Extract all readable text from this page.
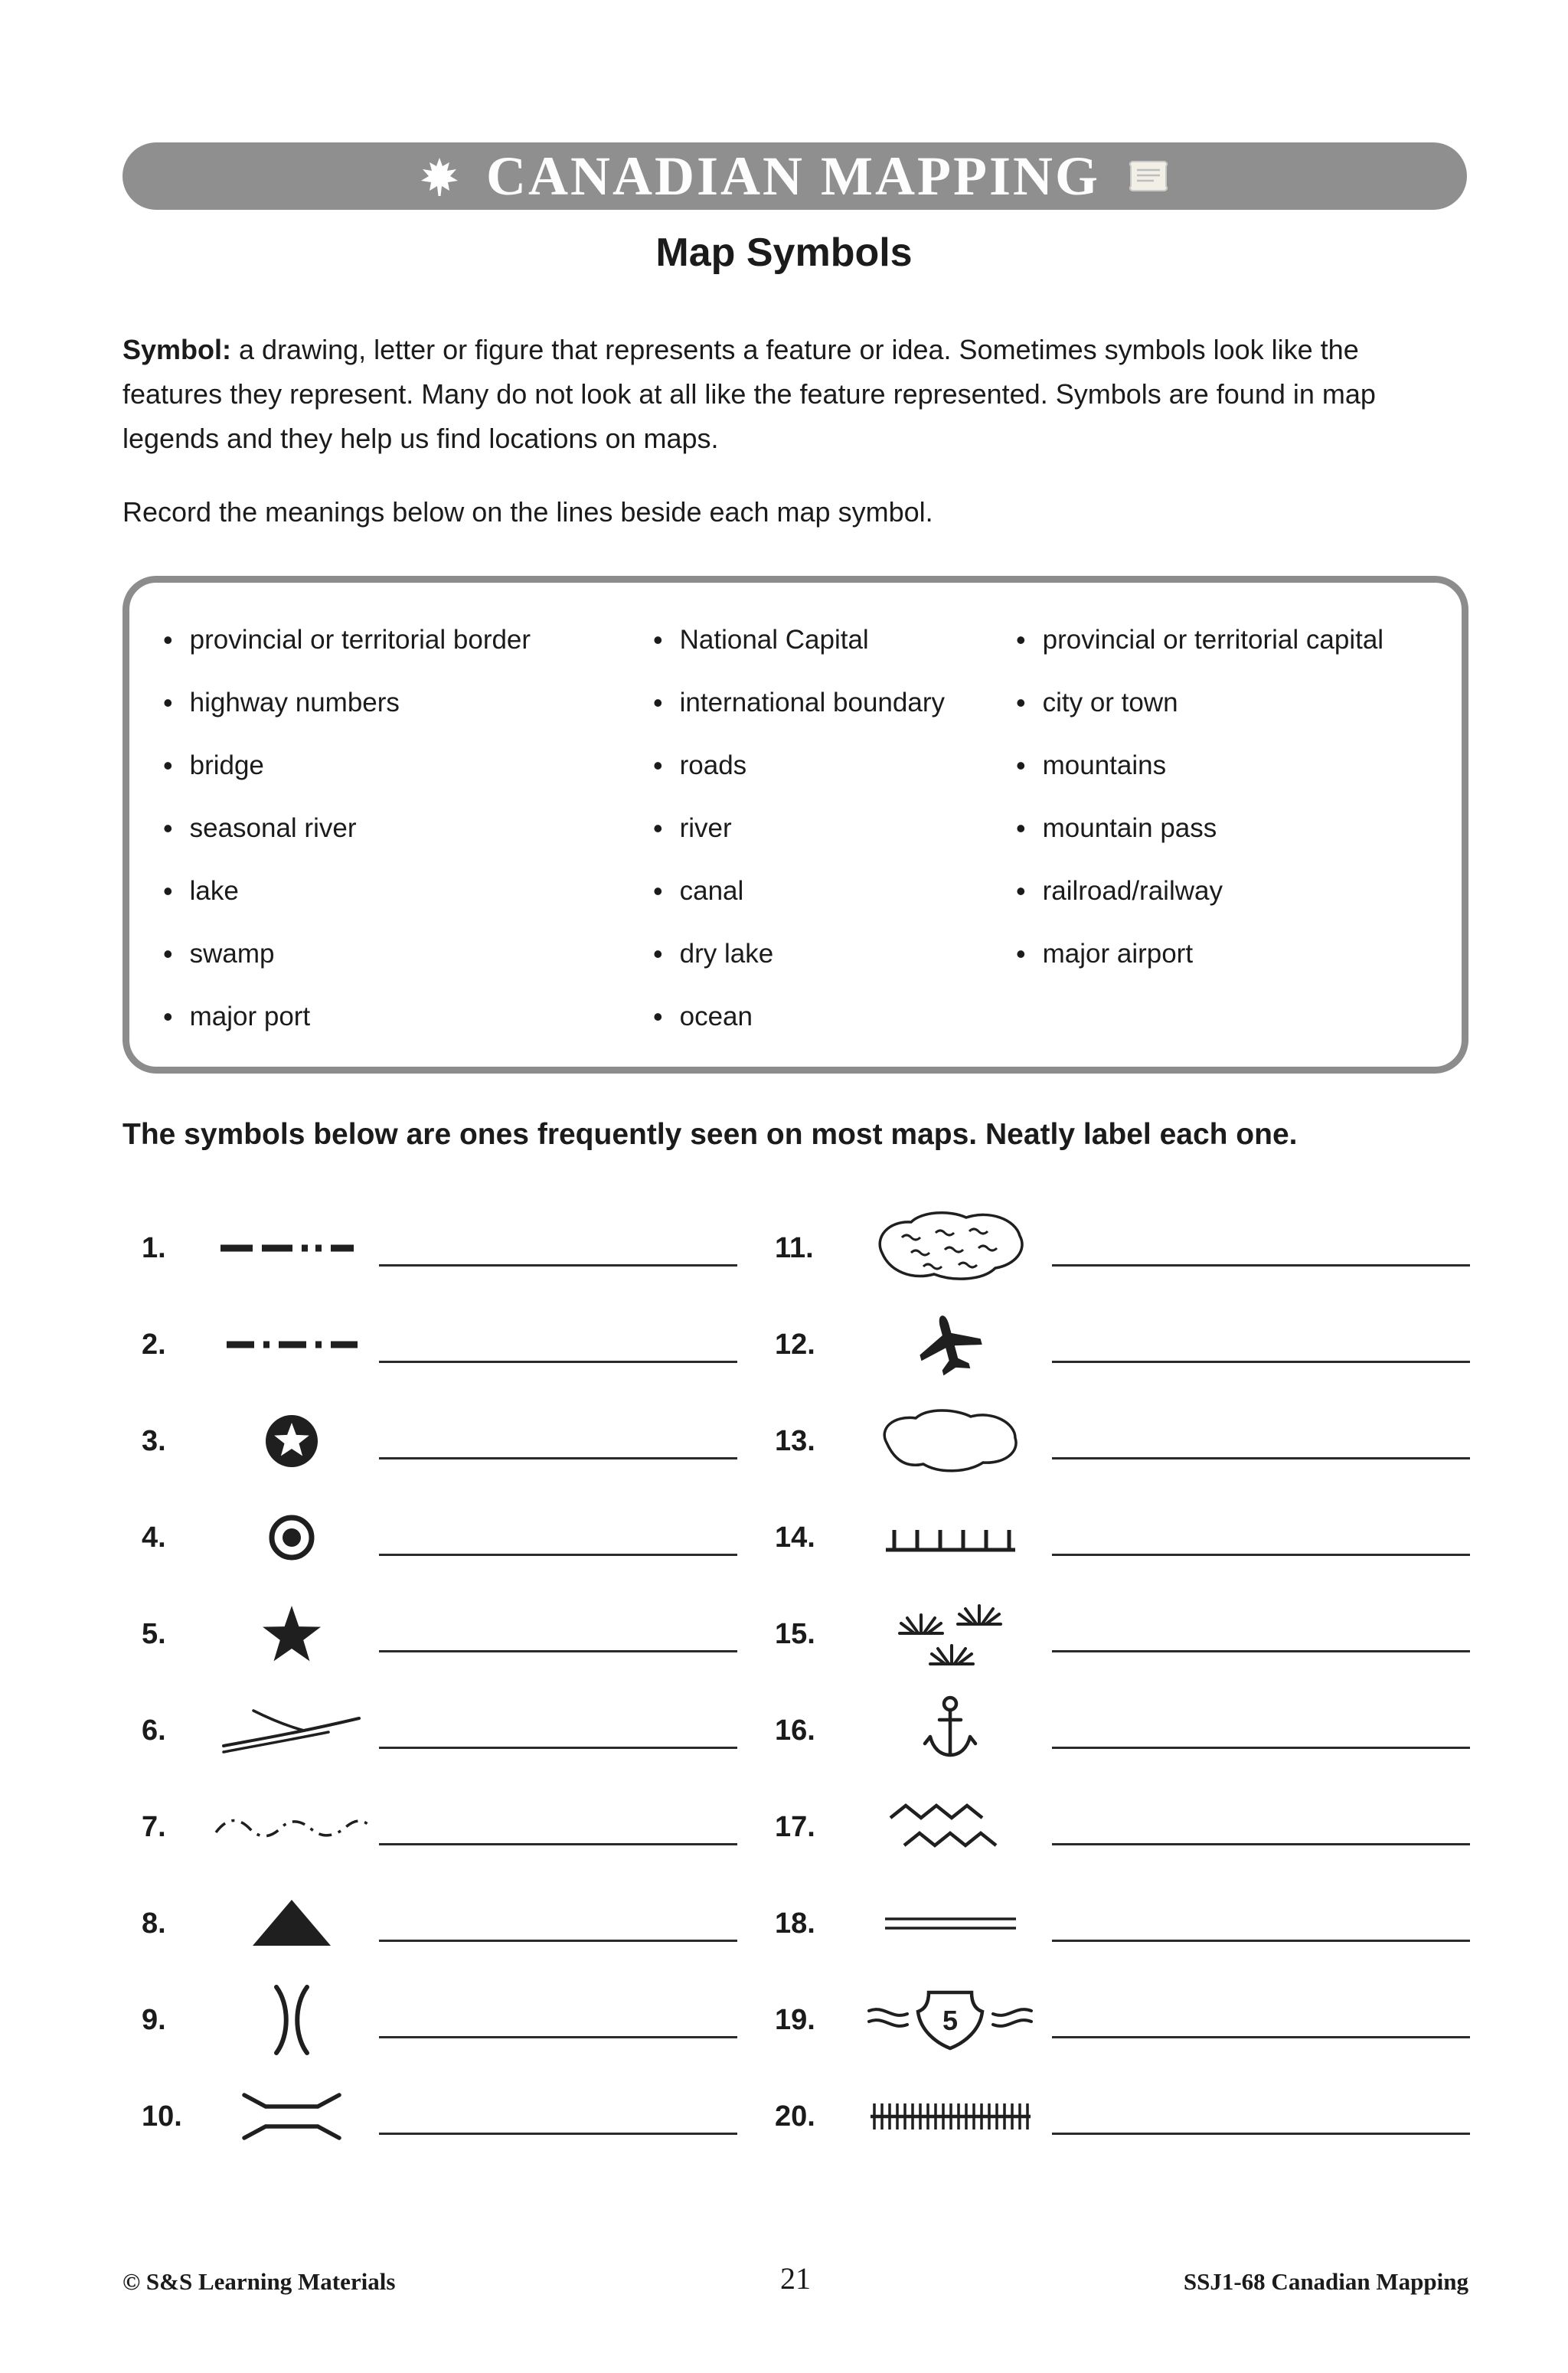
CANADIAN MAPPING
Map Symbols
Symbol: a drawing, letter or figure that represents a feature or idea. Sometimes symbols look like the features they represent. Many do not look at all like the feature represented. Symbols are found in map legends and they help us find locations on maps.
Record the meanings below on the lines beside each map symbol.
• provincial or territorial border
• highway numbers
• bridge
• seasonal river
• lake
• swamp
• major port
• National Capital
• international boundary
• roads
• river
• canal
• dry lake
• ocean
• provincial or territorial capital
• city or town
• mountains
• mountain pass
• railroad/railway
• major airport
The symbols below are ones frequently seen on most maps. Neatly label each one.
1.
2.
3.
4.
5.
6.
7.
8.
9.
10.
11.
12.
13.
14.
15.
16.
17.
18.
19.	5
20.
© S&S Learning Materials	21	SSJ1-68 Canadian Mapping
